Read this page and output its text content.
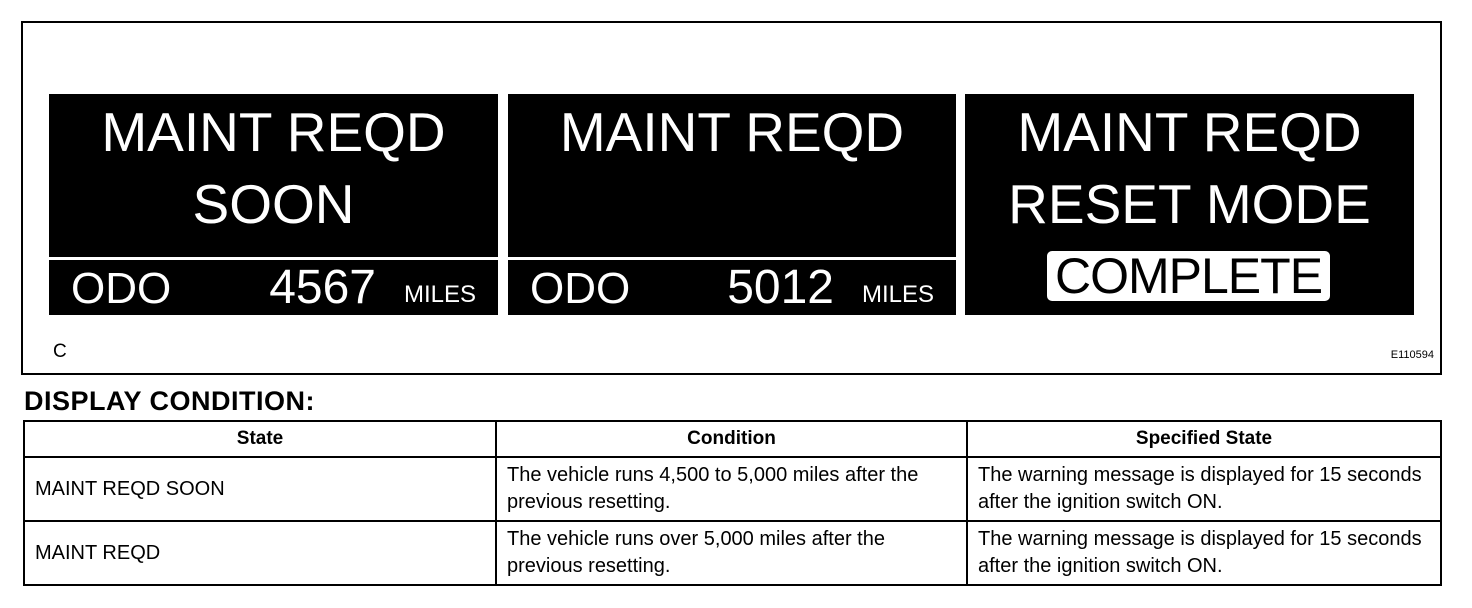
MAINT REQD
SOON
ODO 4567 MILES
MAINT REQD
ODO 5012 MILES
MAINT REQD
RESET MODE
COMPLETE
C	E110594
DISPLAY CONDITION:
State	Condition	Specified State
MAINT REQD SOON	The vehicle runs 4,500 to 5,000 miles after the previous resetting.	The warning message is displayed for 15 seconds after the ignition switch ON.
MAINT REQD	The vehicle runs over 5,000 miles after the previous resetting.	The warning message is displayed for 15 seconds after the ignition switch ON.
